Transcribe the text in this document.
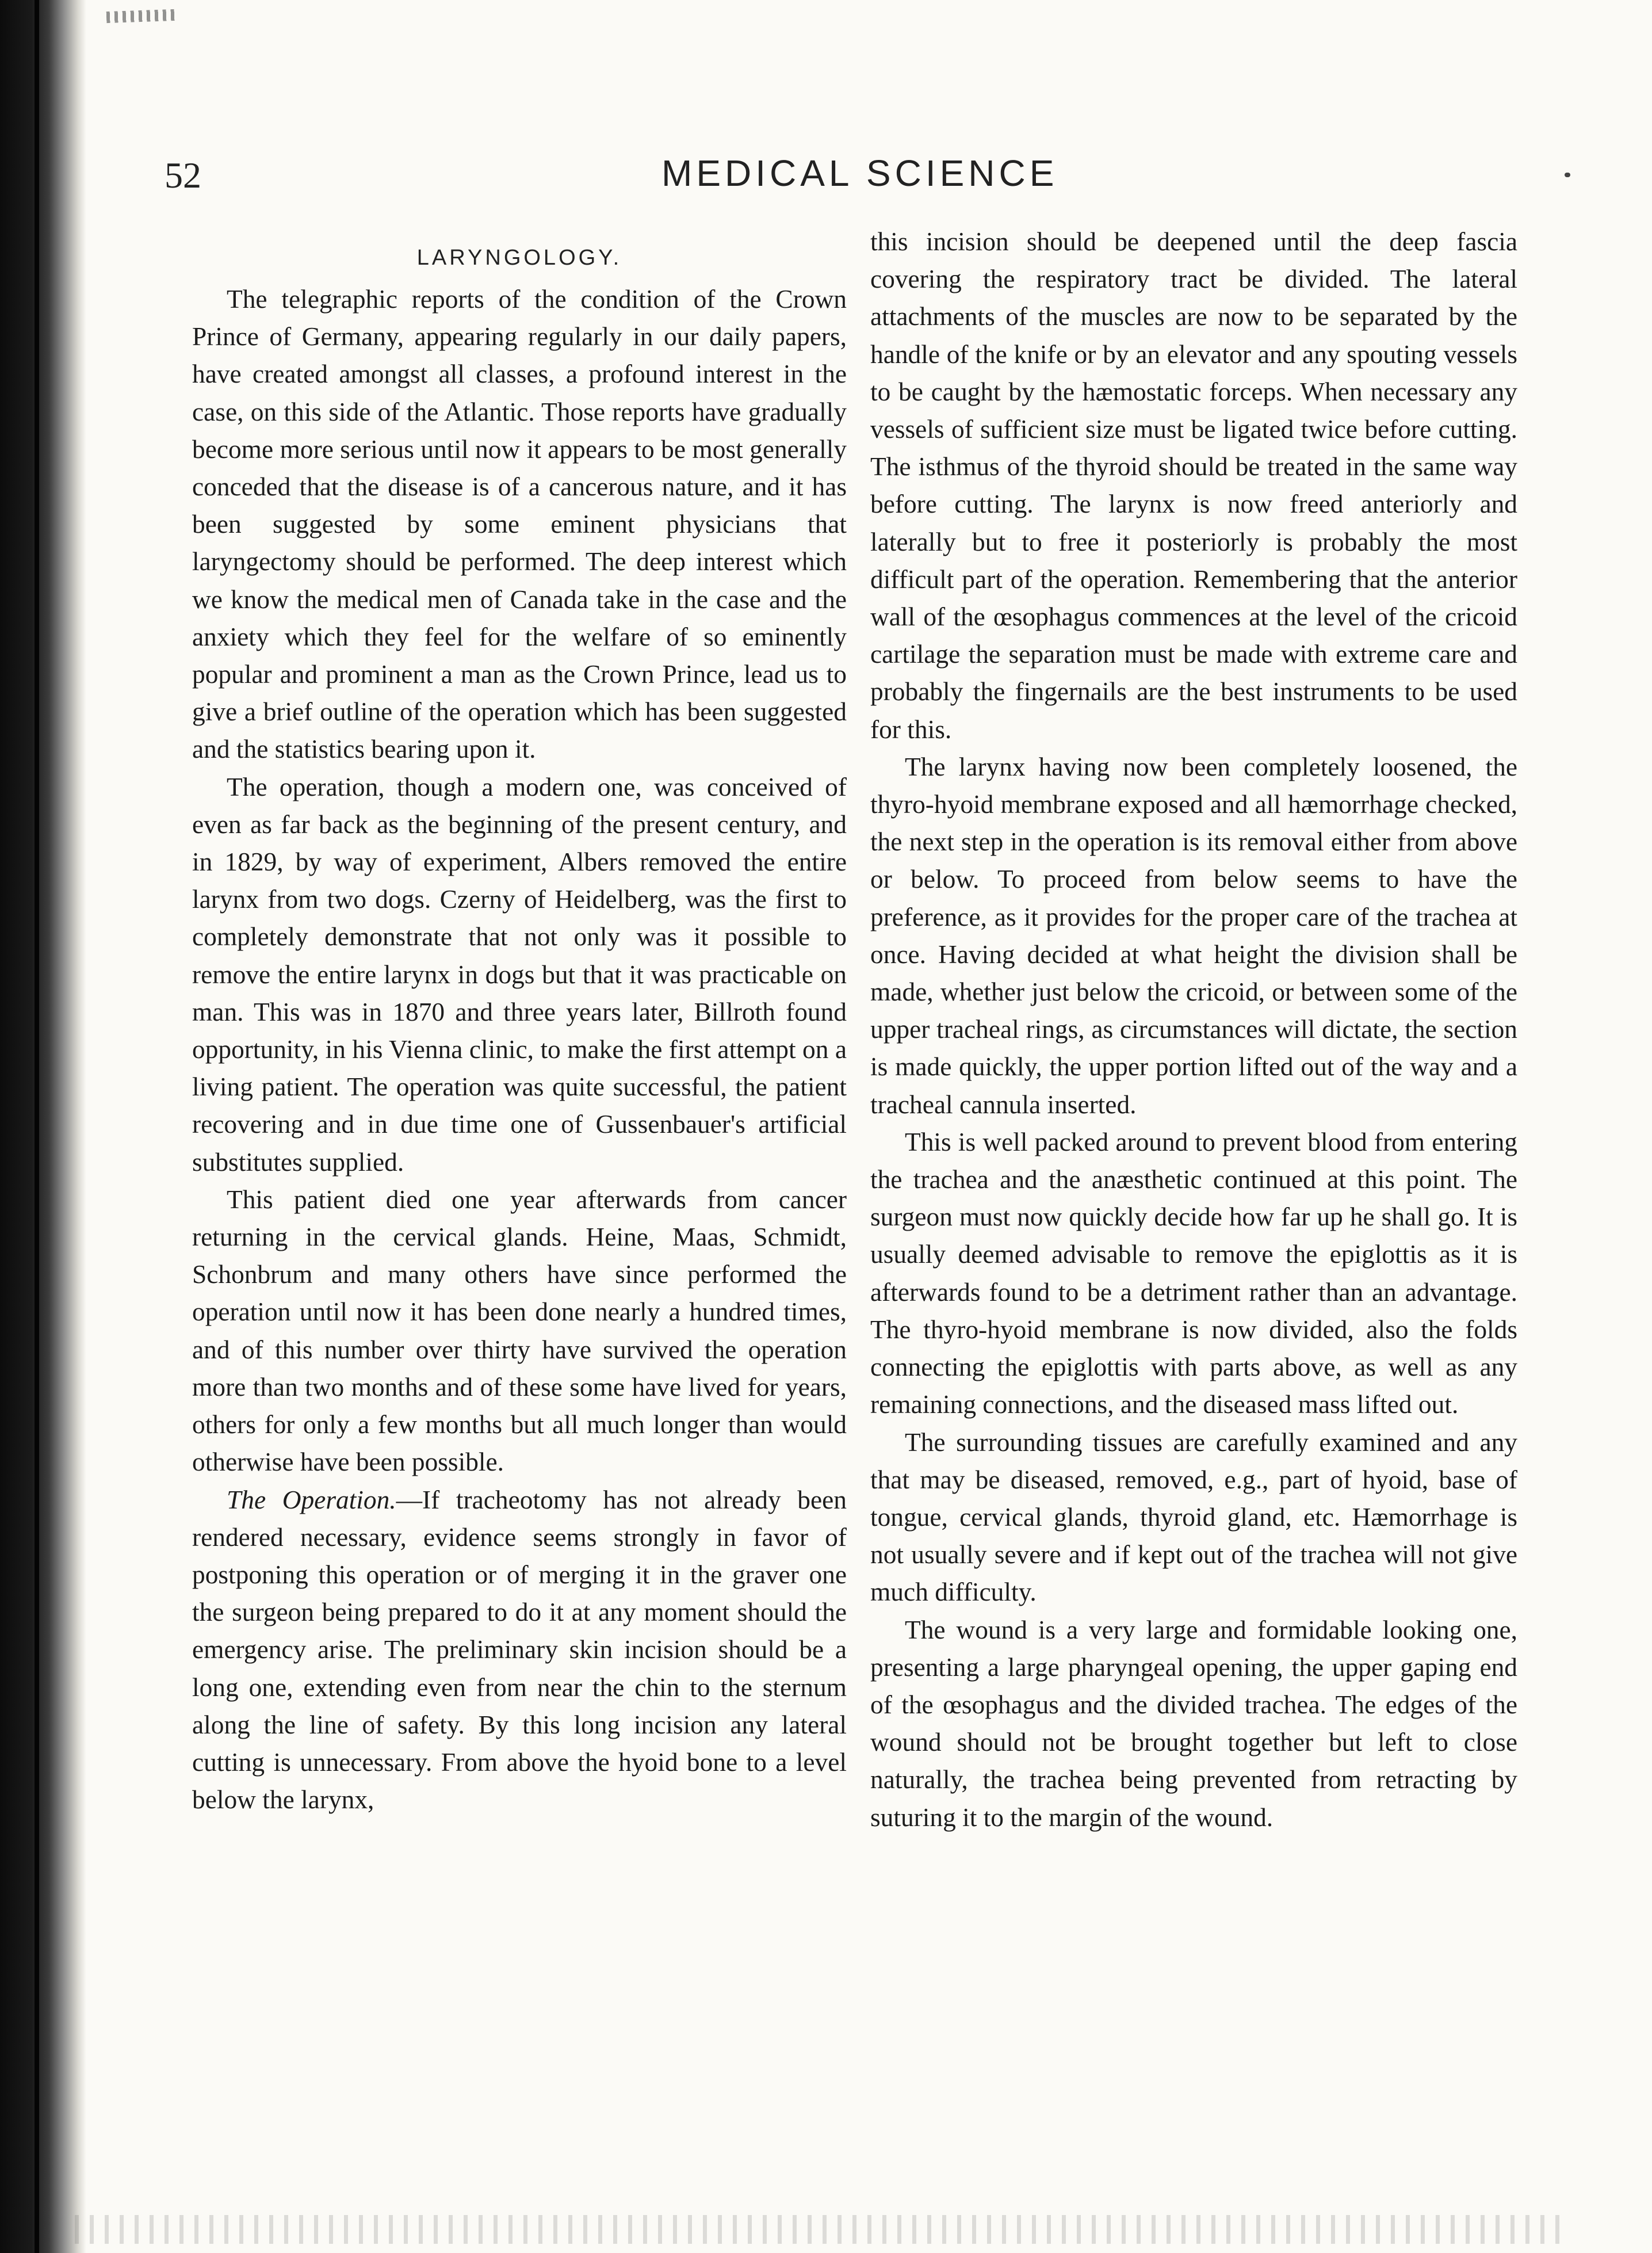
52	MEDICAL SCIENCE
LARYNGOLOGY.

The telegraphic reports of the condition of the Crown Prince of Germany, appearing regularly in our daily papers, have created amongst all classes, a profound interest in the case, on this side of the Atlantic. Those reports have gradually become more serious until now it appears to be most generally conceded that the disease is of a cancerous nature, and it has been suggested by some eminent physicians that laryngectomy should be performed. The deep interest which we know the medical men of Canada take in the case and the anxiety which they feel for the welfare of so eminently popular and prominent a man as the Crown Prince, lead us to give a brief outline of the operation which has been suggested and the statistics bearing upon it.

The operation, though a modern one, was conceived of even as far back as the beginning of the present century, and in 1829, by way of experiment, Albers removed the entire larynx from two dogs. Czerny of Heidelberg, was the first to completely demonstrate that not only was it possible to remove the entire larynx in dogs but that it was practicable on man. This was in 1870 and three years later, Billroth found opportunity, in his Vienna clinic, to make the first attempt on a living patient. The operation was quite successful, the patient recovering and in due time one of Gussenbauer's artificial substitutes supplied.

This patient died one year afterwards from cancer returning in the cervical glands. Heine, Maas, Schmidt, Schonbrum and many others have since performed the operation until now it has been done nearly a hundred times, and of this number over thirty have survived the operation more than two months and of these some have lived for years, others for only a few months but all much longer than would otherwise have been possible.

The Operation.—If tracheotomy has not already been rendered necessary, evidence seems strongly in favor of postponing this operation or of merging it in the graver one the surgeon being prepared to do it at any moment should the emergency arise. The preliminary skin incision should be a long one, extending even from near the chin to the sternum along the line of safety. By this long incision any lateral cutting is unnecessary. From above the hyoid bone to a level below the larynx,

this incision should be deepened until the deep fascia covering the respiratory tract be divided. The lateral attachments of the muscles are now to be separated by the handle of the knife or by an elevator and any spouting vessels to be caught by the hæmostatic forceps. When necessary any vessels of sufficient size must be ligated twice before cutting. The isthmus of the thyroid should be treated in the same way before cutting. The larynx is now freed anteriorly and laterally but to free it posteriorly is probably the most difficult part of the operation. Remembering that the anterior wall of the œsophagus commences at the level of the cricoid cartilage the separation must be made with extreme care and probably the fingernails are the best instruments to be used for this.

The larynx having now been completely loosened, the thyro-hyoid membrane exposed and all hæmorrhage checked, the next step in the operation is its removal either from above or below. To proceed from below seems to have the preference, as it provides for the proper care of the trachea at once. Having decided at what height the division shall be made, whether just below the cricoid, or between some of the upper tracheal rings, as circumstances will dictate, the section is made quickly, the upper portion lifted out of the way and a tracheal cannula inserted.

This is well packed around to prevent blood from entering the trachea and the anæsthetic continued at this point. The surgeon must now quickly decide how far up he shall go. It is usually deemed advisable to remove the epiglottis as it is afterwards found to be a detriment rather than an advantage. The thyro-hyoid membrane is now divided, also the folds connecting the epiglottis with parts above, as well as any remaining connections, and the diseased mass lifted out.

The surrounding tissues are carefully examined and any that may be diseased, removed, e.g., part of hyoid, base of tongue, cervical glands, thyroid gland, etc. Hæmorrhage is not usually severe and if kept out of the trachea will not give much difficulty.

The wound is a very large and formidable looking one, presenting a large pharyngeal opening, the upper gaping end of the œsophagus and the divided trachea. The edges of the wound should not be brought together but left to close naturally, the trachea being prevented from retracting by suturing it to the margin of the wound.
